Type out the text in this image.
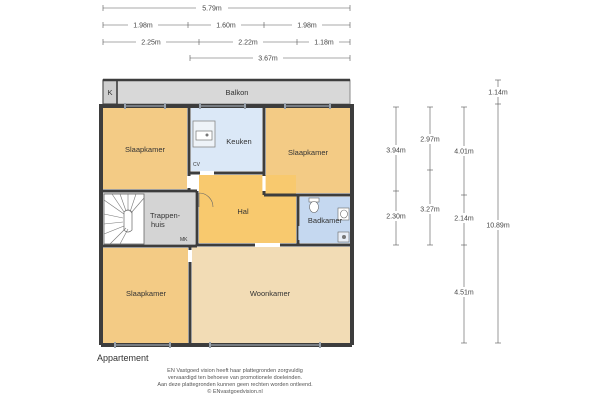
5.79m
1.98m	1.60m	1.98m
2.25m	2.22m	1.18m
3.67m
3.94m
2.30m
2.97m
3.27m
4.01m
2.14m
4.51m
1.14m
10.89m
Balkon
K
CV
Trappen-
huis
MK
Slaapkamer
Keuken
Slaapkamer
Hal
Badkamer
Slaapkamer	Woonkamer
Appartement
EN Vastgoed vision heeft haar plattegronden zorgvuldig
vervaardigd ten behoeve van promotionele doeleinden.
Aan deze plattegronden kunnen geen rechten worden ontleend.
© ENvastgoedvision.nl
